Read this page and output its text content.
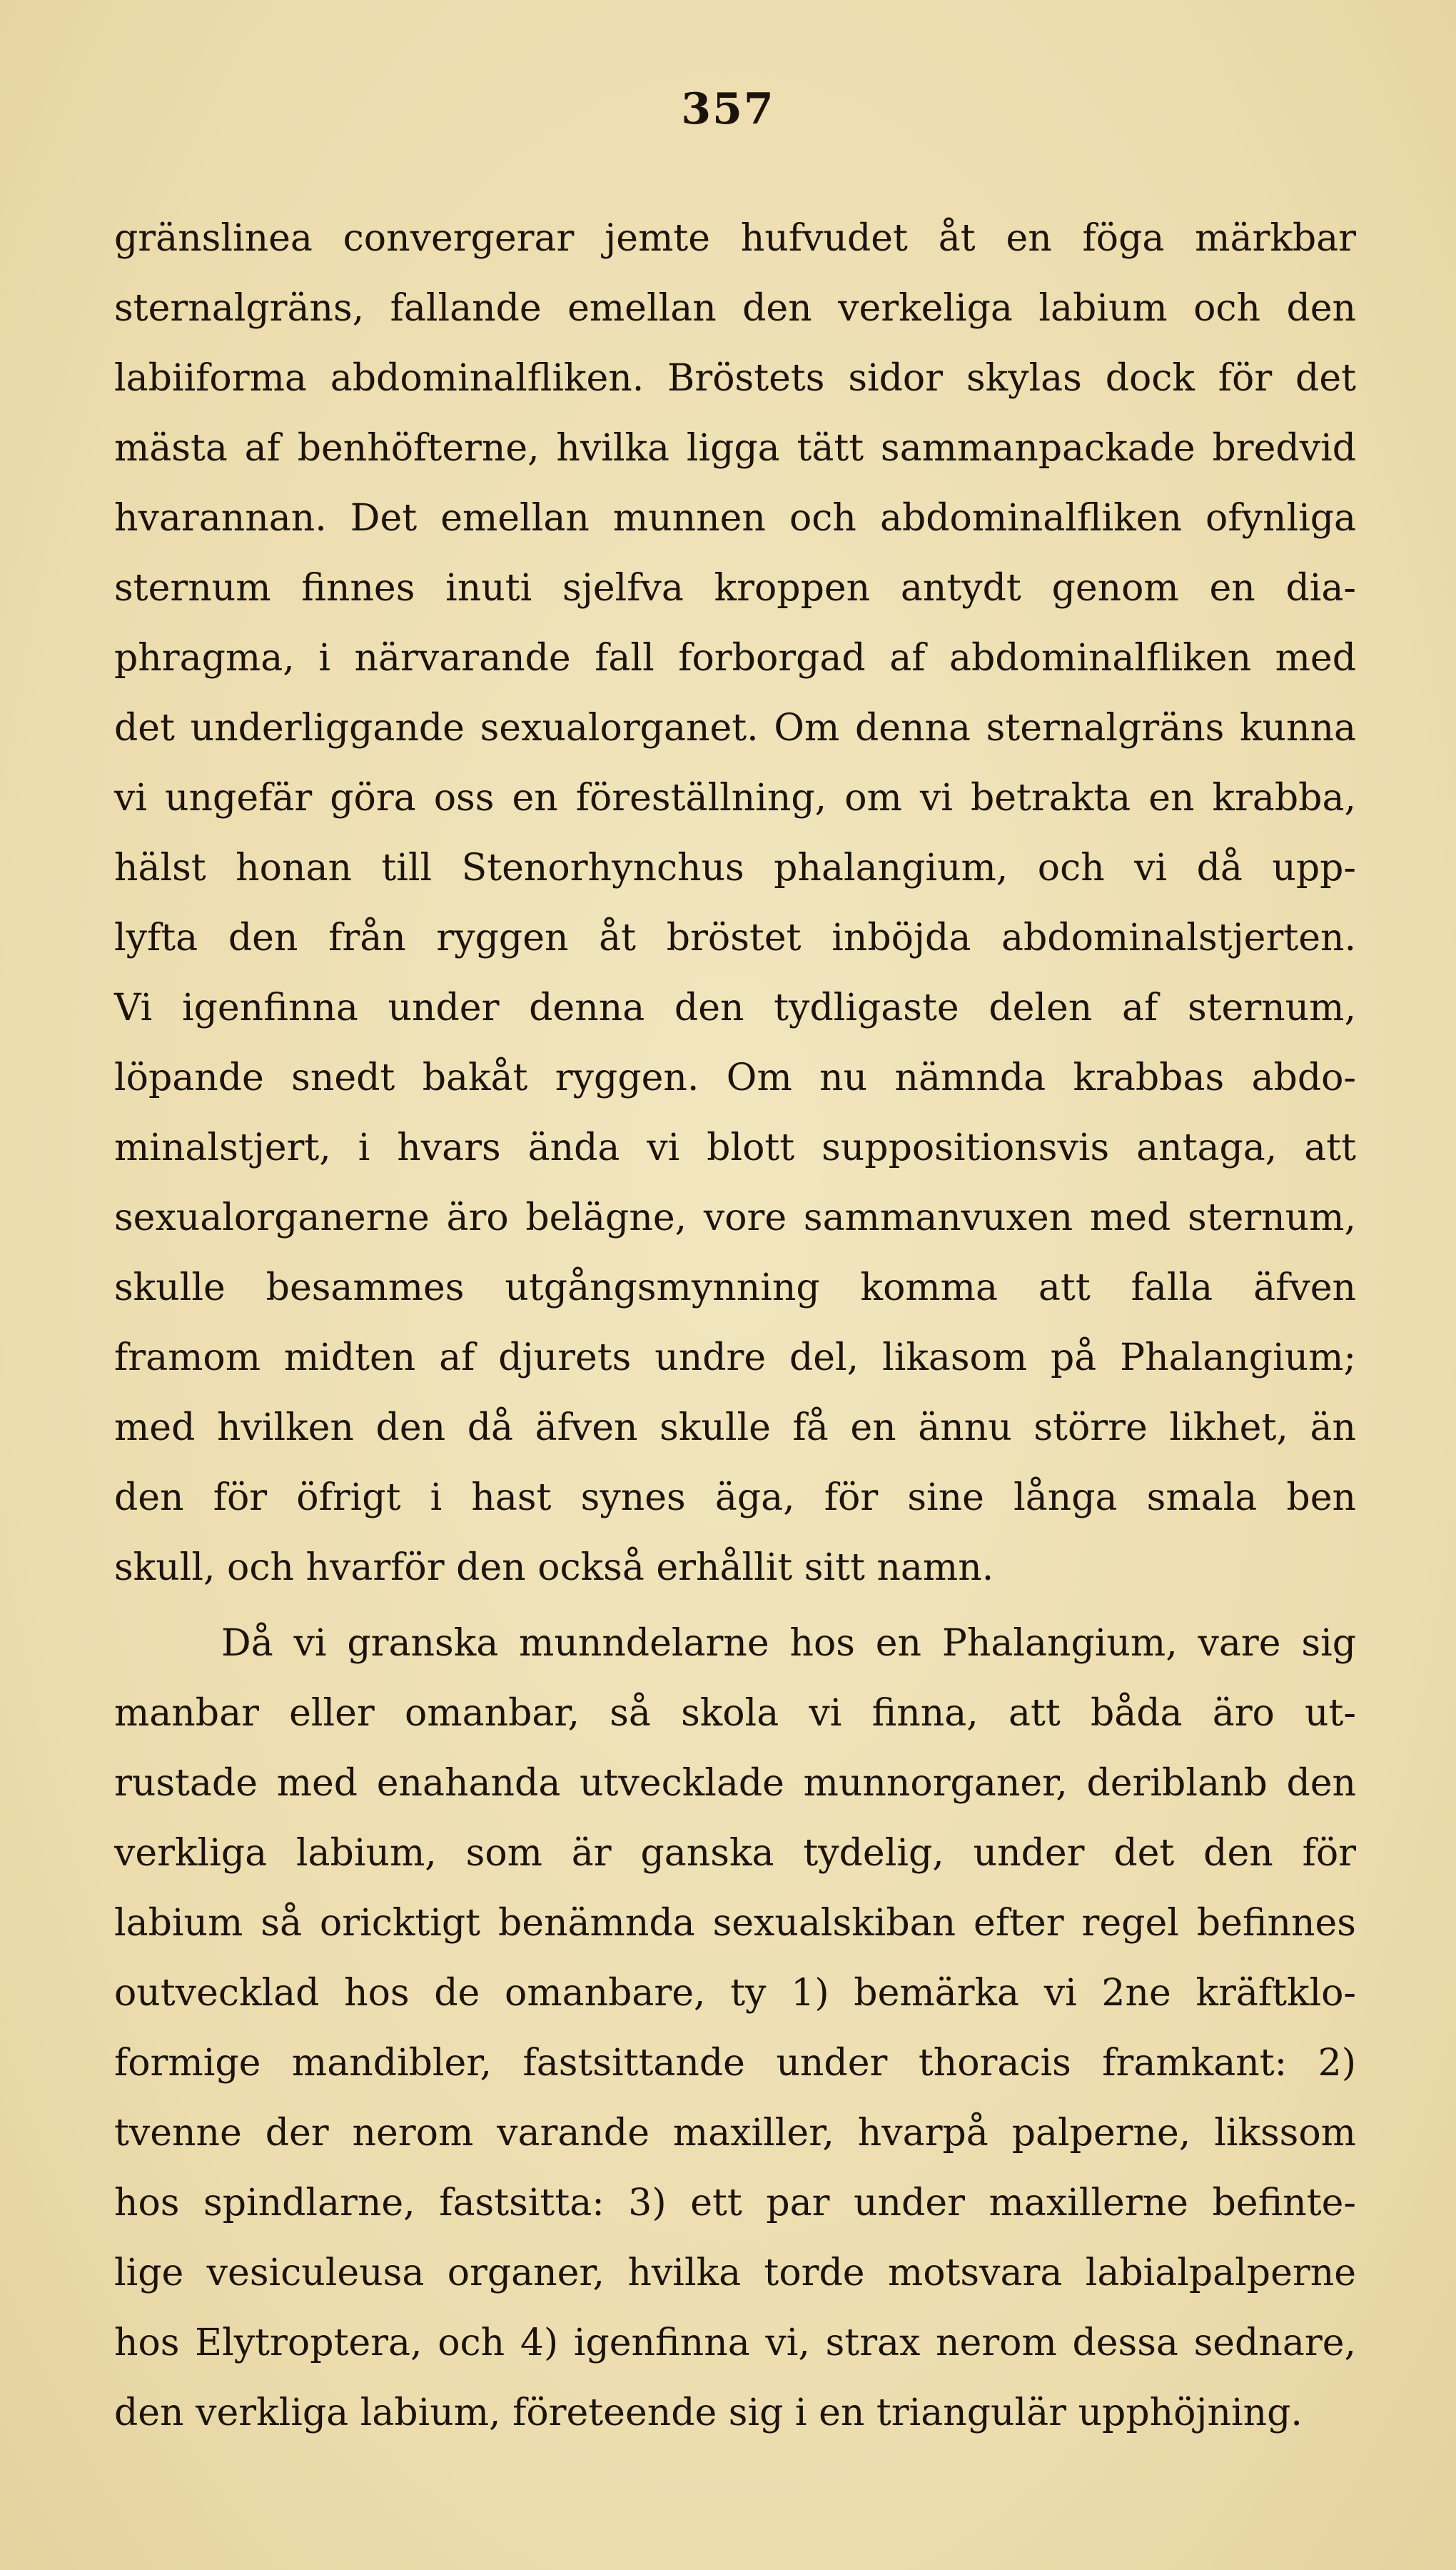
357
gränslinea convergerar jemte hufvudet åt en föga märkbar
sternalgräns, fallande emellan den verkeliga labium och den
labiiforma abdominalfliken. Bröstets sidor skylas dock för det
mästa af benhöfterne, hvilka ligga tätt sammanpackade bredvid
hvarannan. Det emellan munnen och abdominalfliken ofynliga
sternum finnes inuti sjelfva kroppen antydt genom en dia-
phragma, i närvarande fall forborgad af abdominalfliken med
det underliggande sexualorganet. Om denna sternalgräns kunna
vi ungefär göra oss en föreställning, om vi betrakta en krabba,
hälst honan till Stenorhynchus phalangium, och vi då upp-
lyfta den från ryggen åt bröstet inböjda abdominalstjerten.
Vi igenfinna under denna den tydligaste delen af sternum,
löpande snedt bakåt ryggen. Om nu nämnda krabbas abdo-
minalstjert, i hvars ända vi blott suppositionsvis antaga, att
sexualorganerne äro belägne, vore sammanvuxen med sternum,
skulle besammes utgångsmynning komma att falla äfven
framom midten af djurets undre del, likasom på Phalangium;
med hvilken den då äfven skulle få en ännu större likhet, än
den för öfrigt i hast synes äga, för sine långa smala ben
skull, och hvarför den också erhållit sitt namn.
Då vi granska munndelarne hos en Phalangium, vare sig
manbar eller omanbar, så skola vi finna, att båda äro ut-
rustade med enahanda utvecklade munnorganer, deriblanb den
verkliga labium, som är ganska tydelig, under det den för
labium så oricktigt benämnda sexualskiban efter regel befinnes
outvecklad hos de omanbare, ty 1) bemärka vi 2ne kräftklo-
formige mandibler, fastsittande under thoracis framkant: 2)
tvenne der nerom varande maxiller, hvarpå palperne, likssom
hos spindlarne, fastsitta: 3) ett par under maxillerne befinte-
lige vesiculeusa organer, hvilka torde motsvara labialpalperne
hos Elytroptera, och 4) igenfinna vi, strax nerom dessa sednare,
den verkliga labium, företeende sig i en triangulär upphöjning.
